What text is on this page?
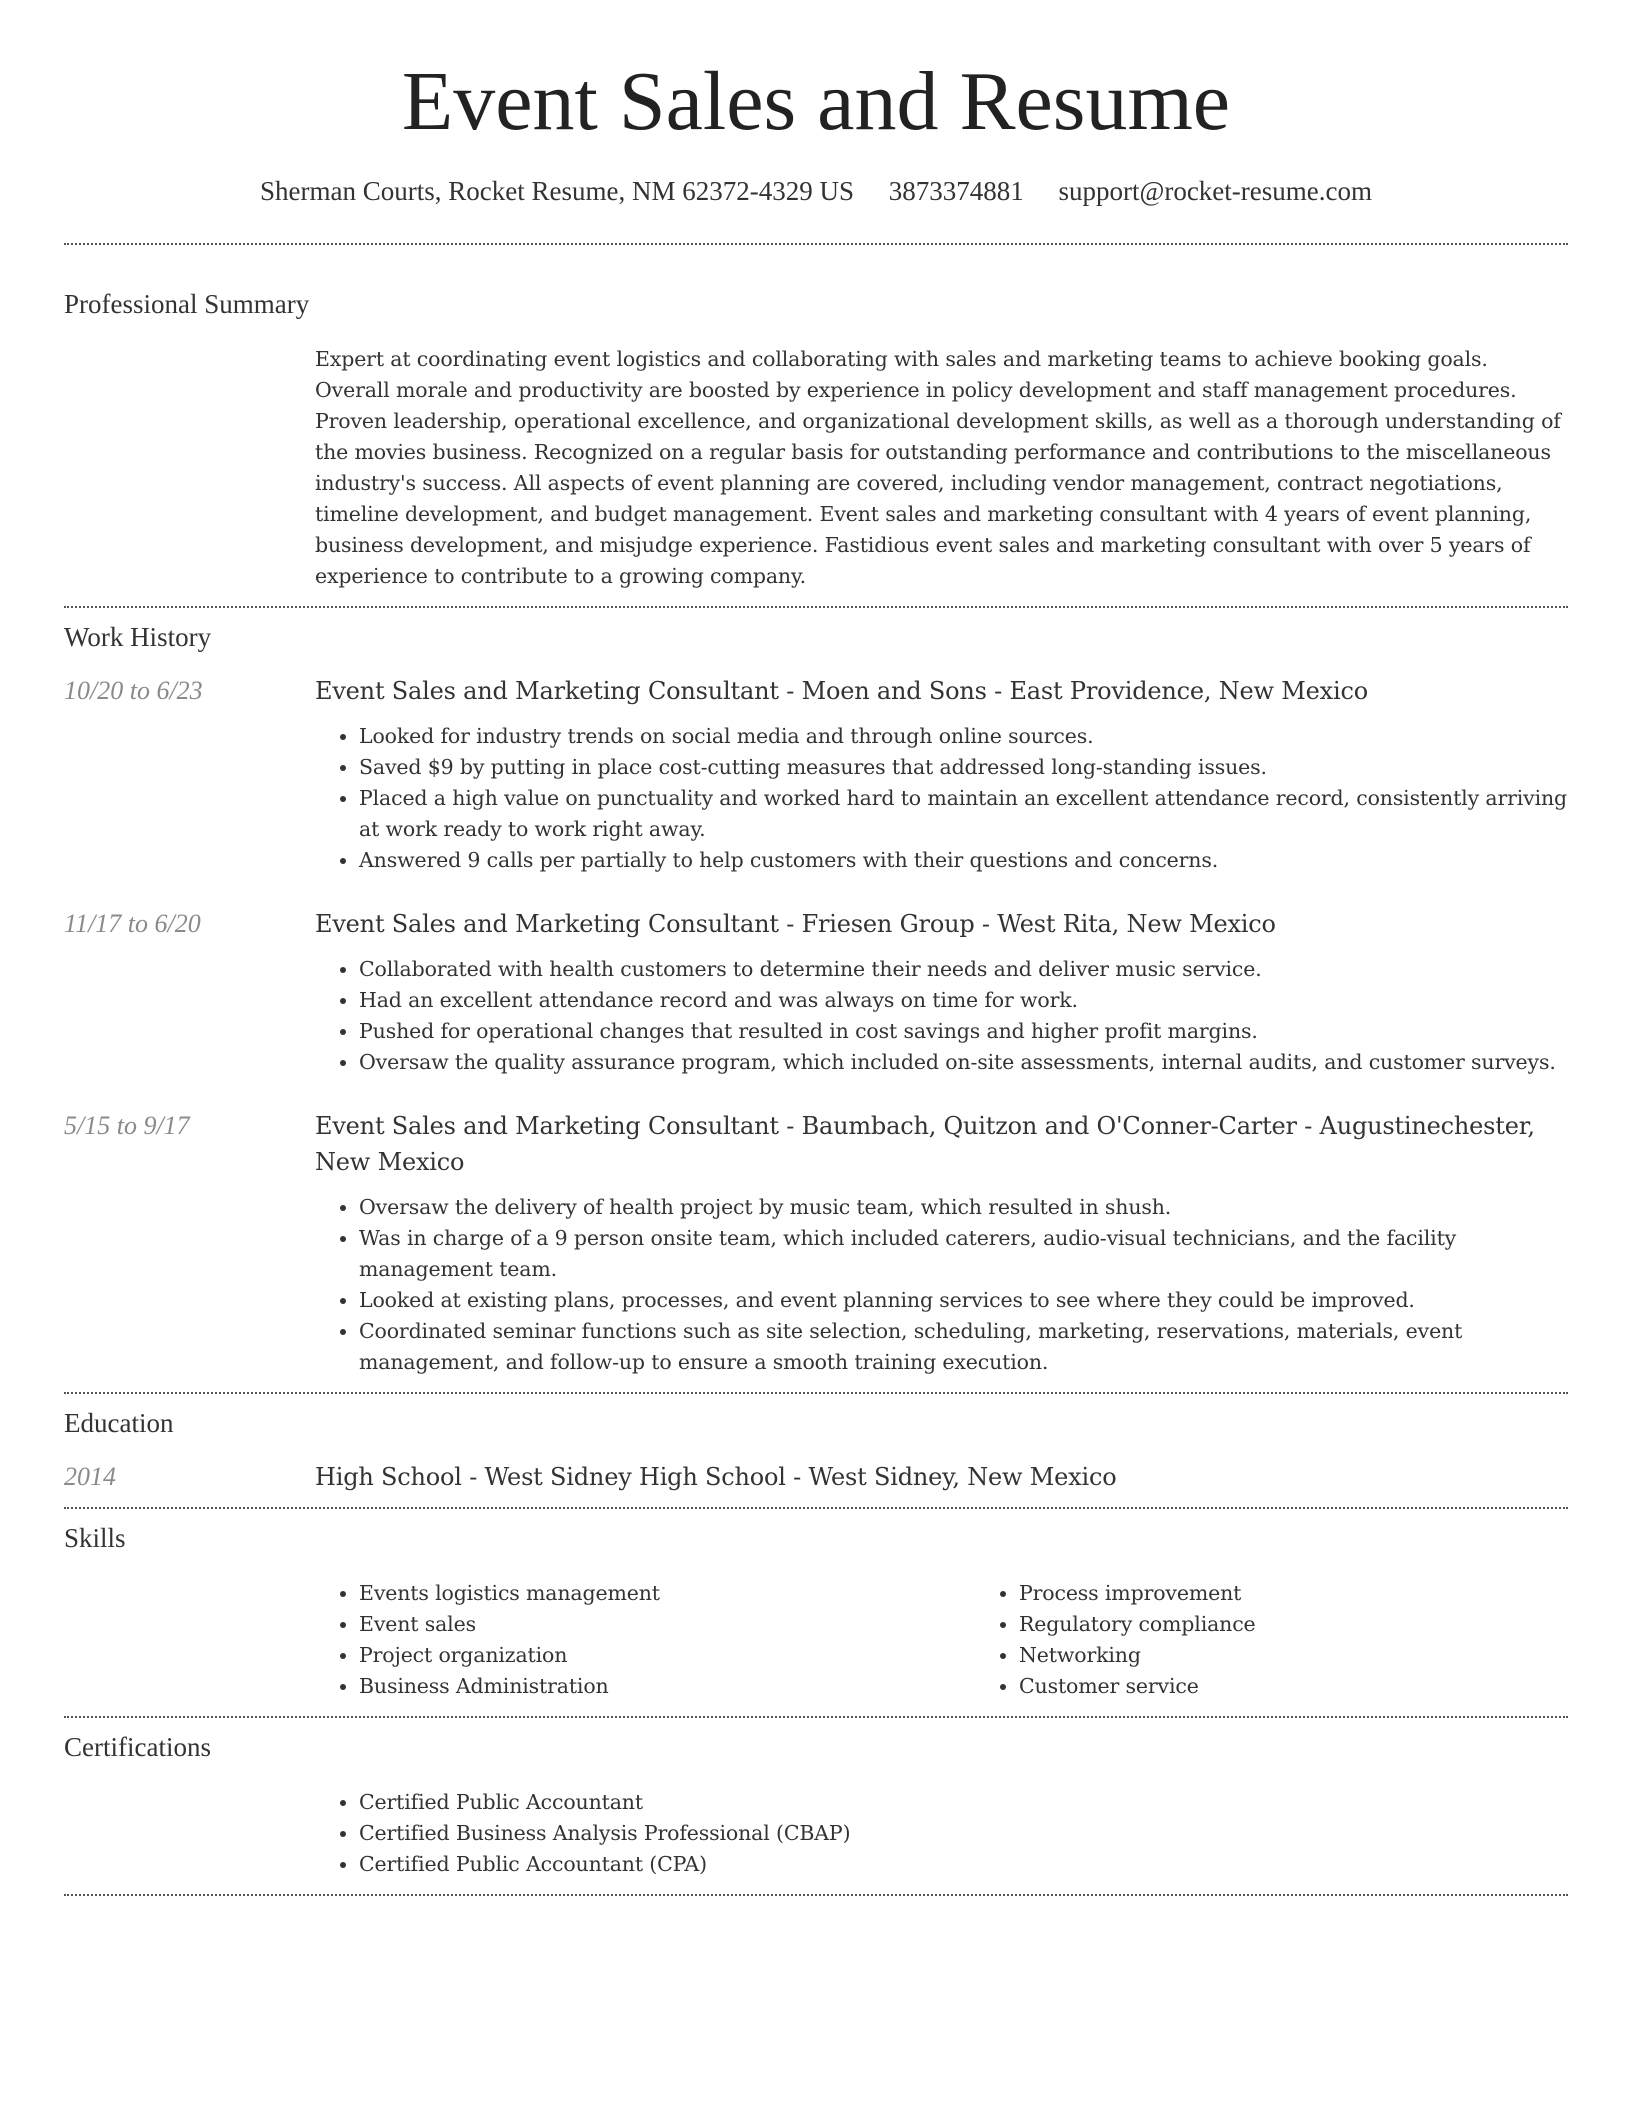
Event Sales and Resume
Sherman Courts, Rocket Resume, NM 62372-4329 US 3873374881 support@rocket-resume.com
Professional Summary

Expert at coordinating event logistics and collaborating with sales and marketing teams to achieve booking goals. Overall morale and productivity are boosted by experience in policy development and staff management procedures. Proven leadership, operational excellence, and organizational development skills, as well as a thorough understanding of the movies business. Recognized on a regular basis for outstanding performance and contributions to the miscellaneous industry's success. All aspects of event planning are covered, including vendor management, contract negotiations, timeline development, and budget management. Event sales and marketing consultant with 4 years of event planning, business development, and misjudge experience. Fastidious event sales and marketing consultant with over 5 years of experience to contribute to a growing company.

Work History
10/20 to 6/23	Event Sales and Marketing Consultant - Moen and Sons - East Providence, New Mexico
• Looked for industry trends on social media and through online sources.
• Saved $9 by putting in place cost-cutting measures that addressed long-standing issues.
• Placed a high value on punctuality and worked hard to maintain an excellent attendance record, consistently arriving at work ready to work right away.
• Answered 9 calls per partially to help customers with their questions and concerns.
11/17 to 6/20	Event Sales and Marketing Consultant - Friesen Group - West Rita, New Mexico
• Collaborated with health customers to determine their needs and deliver music service.
• Had an excellent attendance record and was always on time for work.
• Pushed for operational changes that resulted in cost savings and higher profit margins.
• Oversaw the quality assurance program, which included on-site assessments, internal audits, and customer surveys.
5/15 to 9/17	Event Sales and Marketing Consultant - Baumbach, Quitzon and O'Conner-Carter - Augustinechester, New Mexico
• Oversaw the delivery of health project by music team, which resulted in shush.
• Was in charge of a 9 person onsite team, which included caterers, audio-visual technicians, and the facility management team.
• Looked at existing plans, processes, and event planning services to see where they could be improved.
• Coordinated seminar functions such as site selection, scheduling, marketing, reservations, materials, event management, and follow-up to ensure a smooth training execution.
Education
2014	High School - West Sidney High School - West Sidney, New Mexico
Skills
• Events logistics management
• Event sales
• Project organization
• Business Administration
• Process improvement
• Regulatory compliance
• Networking
• Customer service
Certifications
• Certified Public Accountant
• Certified Business Analysis Professional (CBAP)
• Certified Public Accountant (CPA)
